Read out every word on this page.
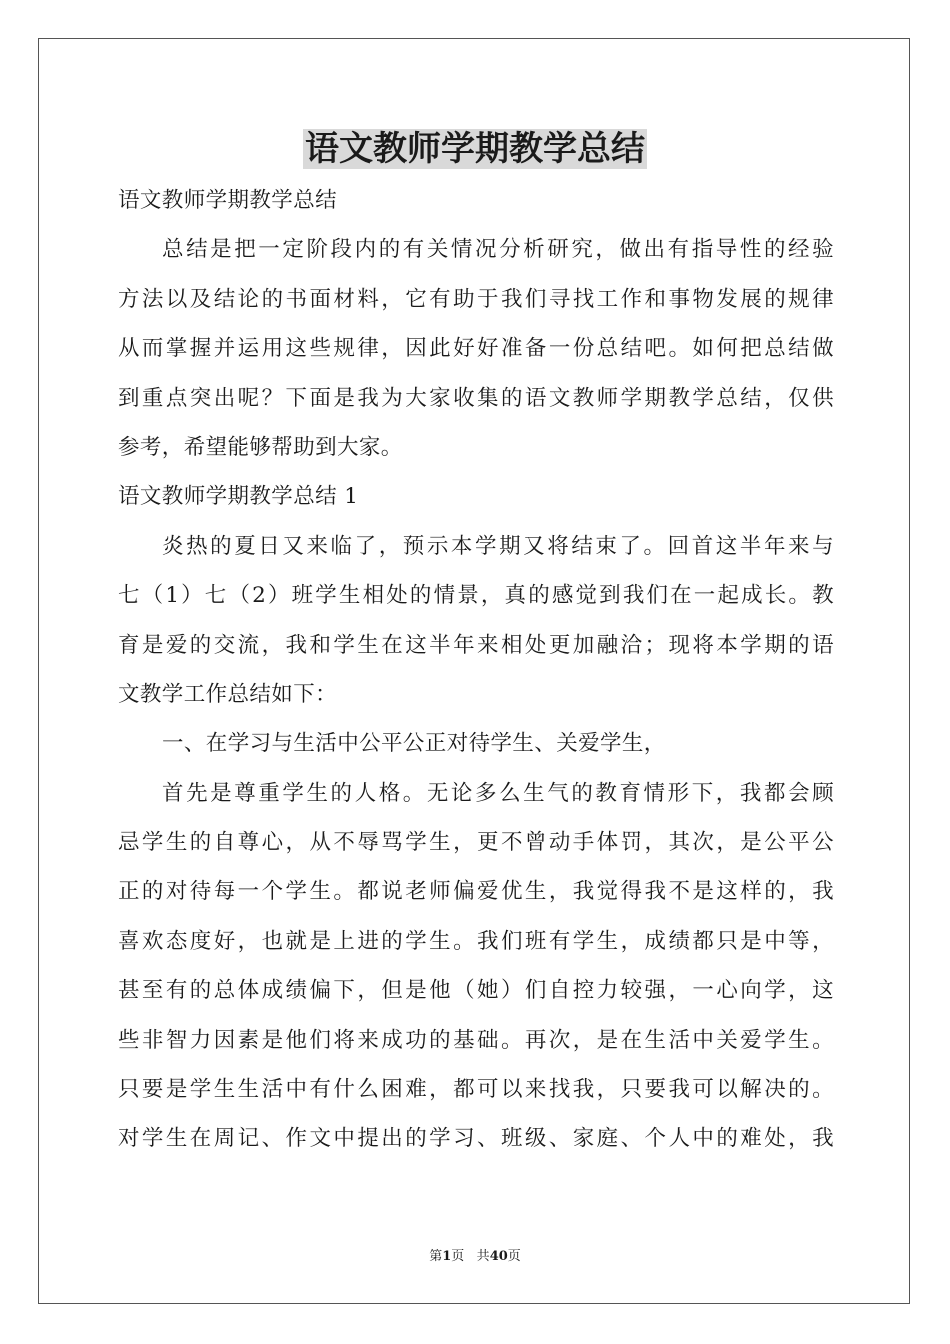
语文教师学期教学总结
语文教师学期教学总结
总结是把一定阶段内的有关情况分析研究，做出有指导性的经验
方法以及结论的书面材料，它有助于我们寻找工作和事物发展的规律
从而掌握并运用这些规律，因此好好准备一份总结吧。如何把总结做
到重点突出呢？下面是我为大家收集的语文教师学期教学总结，仅供
参考，希望能够帮助到大家。
语文教师学期教学总结 1
炎热的夏日又来临了，预示本学期又将结束了。回首这半年来与
七（1）七（2）班学生相处的情景，真的感觉到我们在一起成长。教
育是爱的交流，我和学生在这半年来相处更加融洽；现将本学期的语
文教学工作总结如下：
一、在学习与生活中公平公正对待学生、关爱学生，
首先是尊重学生的人格。无论多么生气的教育情形下，我都会顾
忌学生的自尊心，从不辱骂学生，更不曾动手体罚，其次，是公平公
正的对待每一个学生。都说老师偏爱优生，我觉得我不是这样的，我
喜欢态度好，也就是上进的学生。我们班有学生，成绩都只是中等，
甚至有的总体成绩偏下，但是他（她）们自控力较强，一心向学，这
些非智力因素是他们将来成功的基础。再次，是在生活中关爱学生。
只要是学生生活中有什么困难，都可以来找我，只要我可以解决的。
对学生在周记、作文中提出的学习、班级、家庭、个人中的难处，我
第1页 共40页
